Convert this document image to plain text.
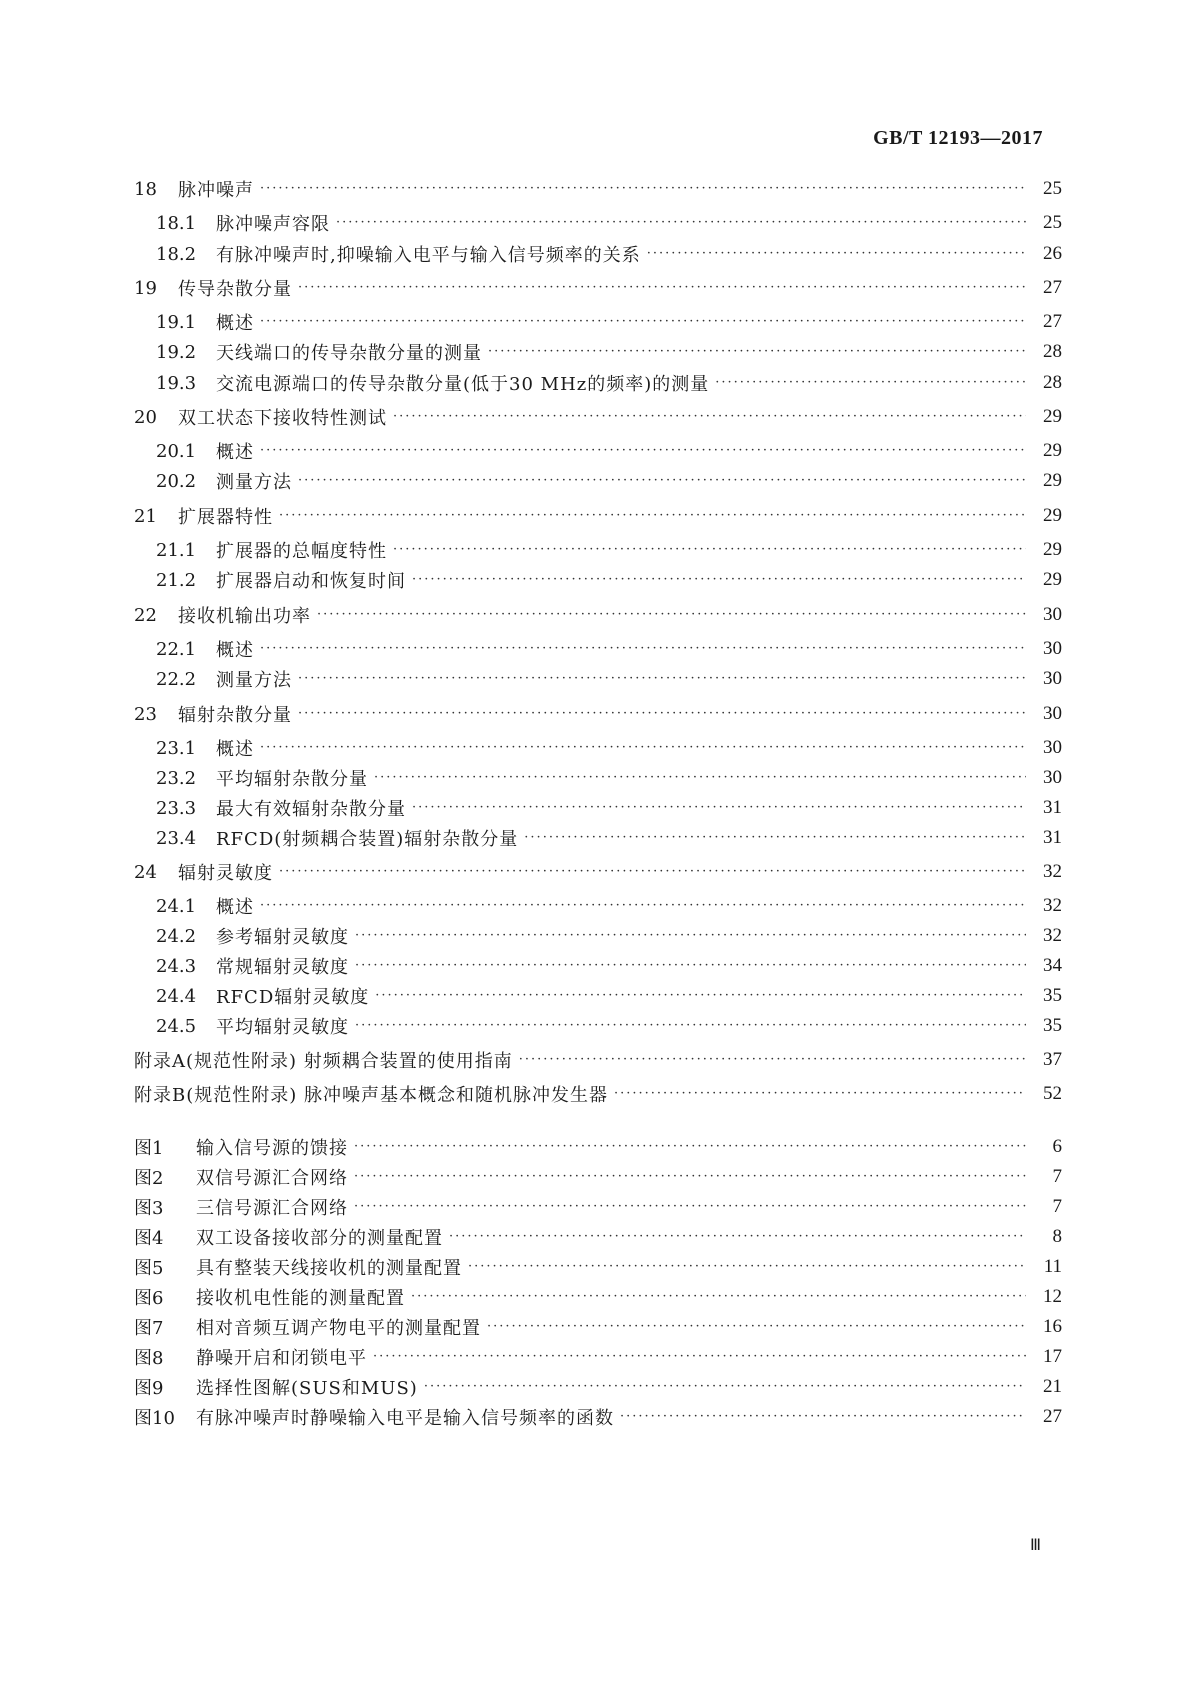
GB/T 12193—2017
18	脉冲噪声 ·····	25
18.1	脉冲噪声容限 ·····	25
18.2	有脉冲噪声时,抑噪输入电平与输入信号频率的关系 ·····	26
19	传导杂散分量 ·····	27
19.1	概述 ·····	27
19.2	天线端口的传导杂散分量的测量 ·····	28
19.3	交流电源端口的传导杂散分量(低于30 MHz的频率)的测量 ·····	28
20	双工状态下接收特性测试 ·····	29
20.1	概述 ·····	29
20.2	测量方法 ·····	29
21	扩展器特性 ·····	29
21.1	扩展器的总幅度特性 ·····	29
21.2	扩展器启动和恢复时间 ·····	29
22	接收机输出功率 ·····	30
22.1	概述 ·····	30
22.2	测量方法 ·····	30
23	辐射杂散分量 ·····	30
23.1	概述 ·····	30
23.2	平均辐射杂散分量 ·····	30
23.3	最大有效辐射杂散分量 ·····	31
23.4	RFCD(射频耦合装置)辐射杂散分量 ·····	31
24	辐射灵敏度 ·····	32
24.1	概述 ·····	32
24.2	参考辐射灵敏度 ·····	32
24.3	常规辐射灵敏度 ·····	34
24.4	RFCD辐射灵敏度 ·····	35
24.5	平均辐射灵敏度 ·····	35
附录A(规范性附录) 射频耦合装置的使用指南 ·····	37
附录B(规范性附录) 脉冲噪声基本概念和随机脉冲发生器 ·····	52
图1	输入信号源的馈接 ·····	6
图2	双信号源汇合网络 ·····	7
图3	三信号源汇合网络 ·····	7
图4	双工设备接收部分的测量配置 ·····	8
图5	具有整装天线接收机的测量配置 ·····	11
图6	接收机电性能的测量配置 ·····	12
图7	相对音频互调产物电平的测量配置 ·····	16
图8	静噪开启和闭锁电平 ·····	17
图9	选择性图解(SUS和MUS) ·····	21
图10	有脉冲噪声时静噪输入电平是输入信号频率的函数 ·····	27
Ⅲ
